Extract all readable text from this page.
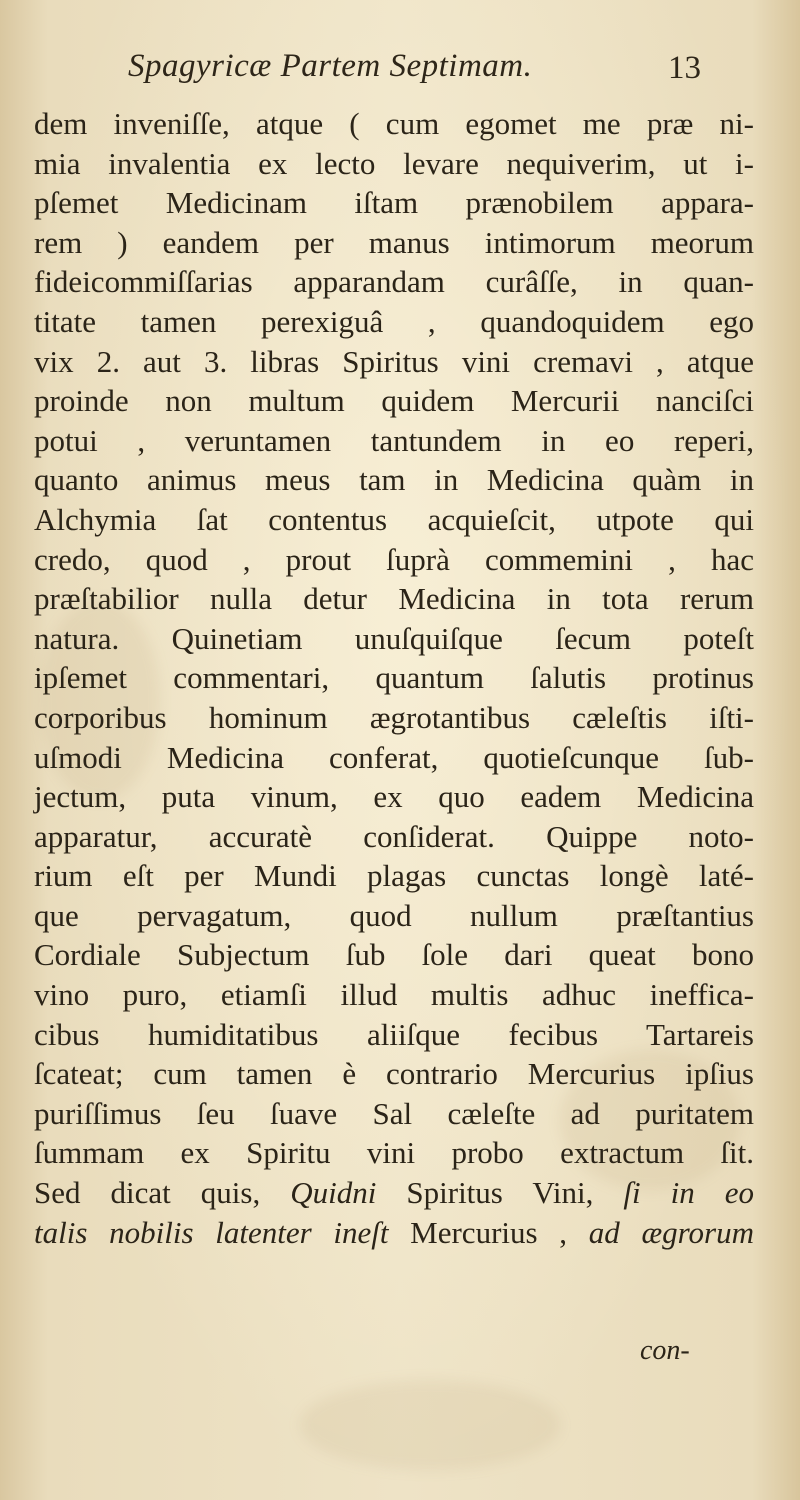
Spagyricæ Partem Septimam.	13
dem inveniſſe, atque ( cum egomet me præ ni-
mia invalentia ex lecto levare nequiverim, ut i-
pſemet Medicinam iſtam prænobilem appara-
rem ) eandem per manus intimorum meorum
fideicommiſſarias apparandam curâſſe, in quan-
titate tamen perexiguâ , quandoquidem ego
vix 2. aut 3. libras Spiritus vini cremavi , atque
proinde non multum quidem Mercurii nanciſci
potui , veruntamen tantundem in eo reperi,
quanto animus meus tam in Medicina quàm in
Alchymia ſat contentus acquieſcit, utpote qui
credo, quod , prout ſuprà commemini , hac
præſtabilior nulla detur Medicina in tota rerum
natura. Quinetiam unuſquiſque ſecum poteſt
ipſemet commentari, quantum ſalutis protinus
corporibus hominum ægrotantibus cæleſtis iſti-
uſmodi Medicina conferat, quotieſcunque ſub-
jectum, puta vinum, ex quo eadem Medicina
apparatur, accuratè conſiderat. Quippe noto-
rium eſt per Mundi plagas cunctas longè laté-
que pervagatum, quod nullum præſtantius
Cordiale Subjectum ſub ſole dari queat bono
vino puro, etiamſi illud multis adhuc ineffica-
cibus humiditatibus aliiſque fecibus Tartareis
ſcateat; cum tamen è contrario Mercurius ipſius
puriſſimus ſeu ſuave Sal cæleſte ad puritatem
ſummam ex Spiritu vini probo extractum ſit.
Sed dicat quis, Quidni Spiritus Vini, ſi in eo
talis nobilis latenter ineſt Mercurius , ad ægrorum
con-
